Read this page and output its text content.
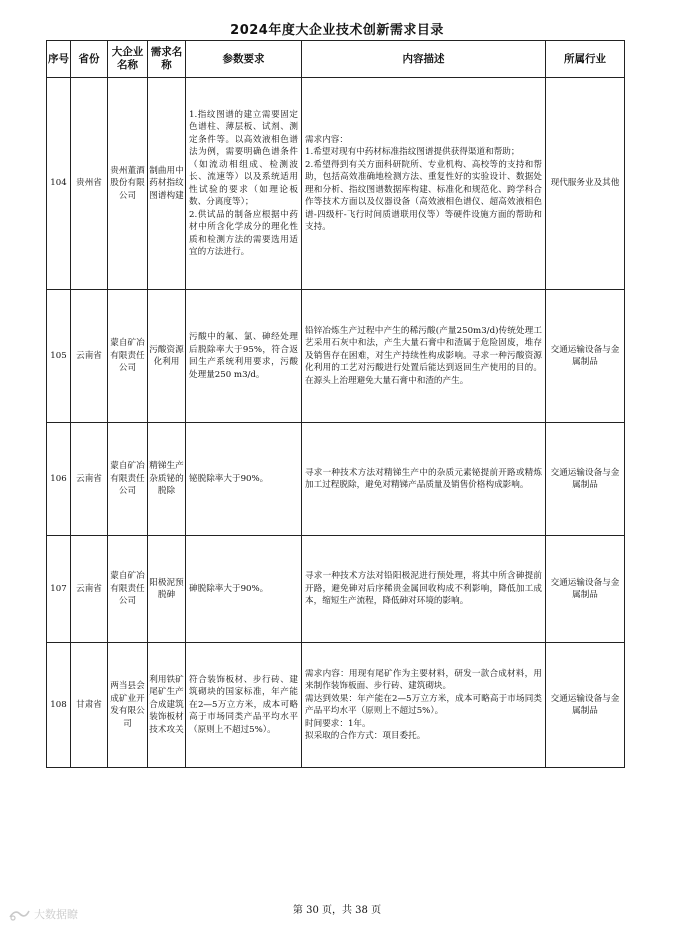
2024年度大企业技术创新需求目录
序号	省份	大企业名称	需求名称	参数要求	内容描述	所属行业
104	贵州省	贵州董酒股份有限公司	制曲用中药材指纹图谱构建	1.指纹图谱的建立需要固定色谱柱、薄层板、试剂、测定条件等。以高效液相色谱法为例，需要明确色谱条件（如流动相组成、检测波长、流速等）以及系统适用性试验的要求（如理论板数、分离度等）；
2.供试品的制备应根据中药材中所含化学成分的理化性质和检测方法的需要选用适宜的方法进行。	需求内容：
1.希望对现有中药材标准指纹图谱提供获得渠道和帮助；
2.希望得到有关方面科研院所、专业机构、高校等的支持和帮助，包括高效准确地检测方法、重复性好的实验设计、数据处理和分析、指纹图谱数据库构建、标准化和规范化、跨学科合作等技术方面以及仪器设备（高效液相色谱仪、超高效液相色谱-四级杆-飞行时间质谱联用仪等）等硬件设施方面的帮助和支持。	现代服务业及其他
105	云南省	蒙自矿冶有限责任公司	污酸资源化利用	污酸中的氟、氯、砷经处理后脱除率大于95%，符合返回生产系统利用要求，污酸处理量250 m3/d。	铅锌冶炼生产过程中产生的稀污酸(产量250m3/d)传统处理工艺采用石灰中和法，产生大量石膏中和渣属于危险固废，堆存及销售存在困难，对生产持续性构成影响。寻求一种污酸资源化利用的工艺对污酸进行处置后能达到返回生产使用的目的。在源头上治理避免大量石膏中和渣的产生。	交通运输设备与金属制品
106	云南省	蒙自矿冶有限责任公司	精锑生产杂质铋的脱除	铋脱除率大于90%。	寻求一种技术方法对精锑生产中的杂质元素铋提前开路或精炼加工过程脱除，避免对精锑产品质量及销售价格构成影响。	交通运输设备与金属制品
107	云南省	蒙自矿冶有限责任公司	阳极泥预脱砷	砷脱除率大于90%。	寻求一种技术方法对铅阳极泥进行预处理，将其中所含砷提前开路，避免砷对后序稀贵金属回收构成不利影响，降低加工成本，缩短生产流程，降低砷对环境的影响。	交通运输设备与金属制品
108	甘肃省	两当县会成矿业开发有限公司	利用铁矿尾矿生产合成建筑装饰板材技术攻关	符合装饰板材、步行砖、建筑砌块的国家标准，年产能在2—5万立方米，成本可略高于市场同类产品平均水平（原则上不超过5%）。	需求内容：用现有尾矿作为主要材料，研发一款合成材料，用来制作装饰板面、步行砖、建筑砌块。
需达到效果：年产能在2—5万立方米，成本可略高于市场同类产品平均水平（原则上不超过5%）。
时间要求：1年。
拟采取的合作方式：项目委托。	交通运输设备与金属制品
第 30 页，共 38 页
大数据瞭
